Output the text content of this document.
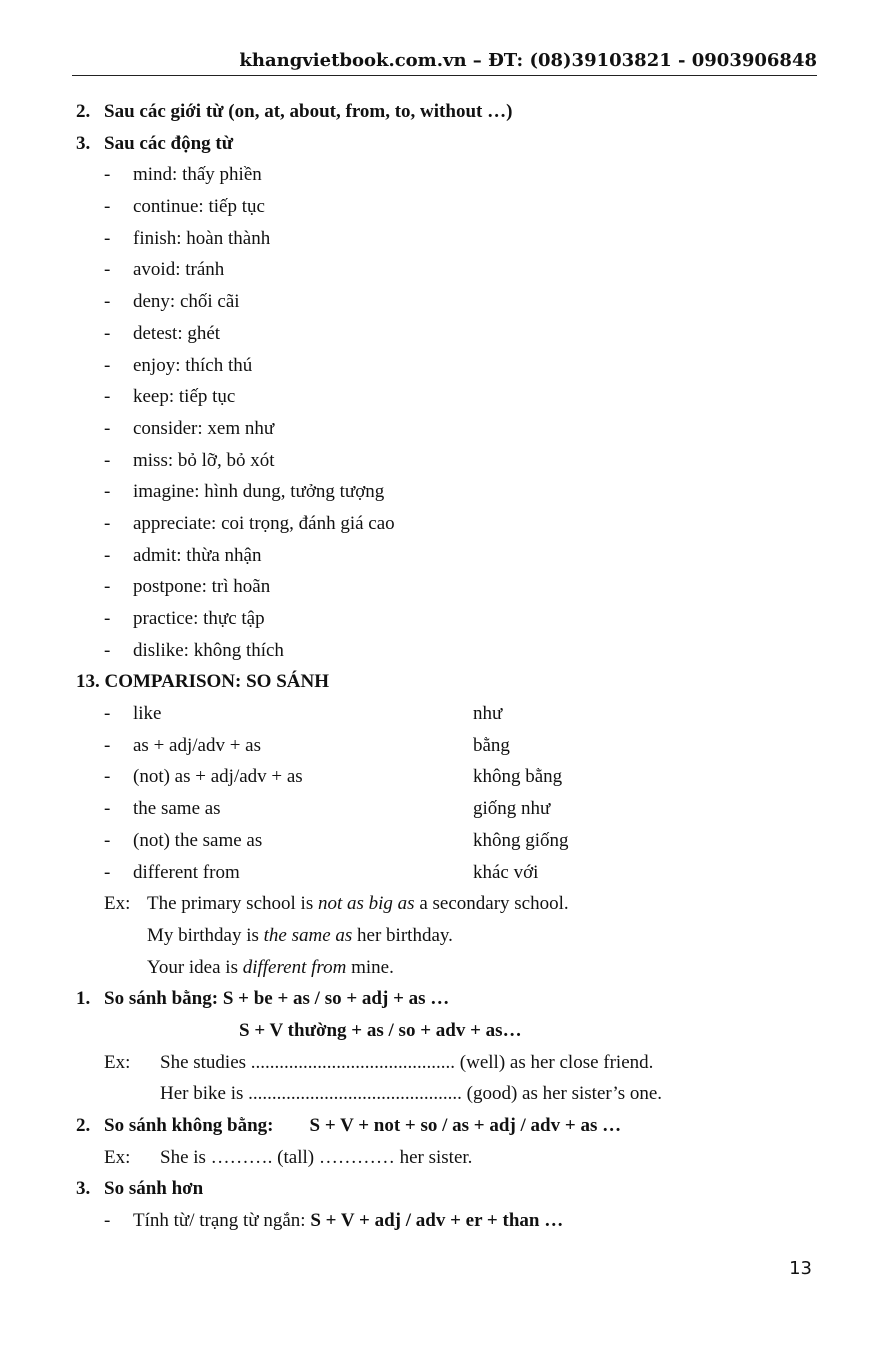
khangvietbook.com.vn – ĐT: (08)39103821 - 0903906848
2. Sau các giới từ (on, at, about, from, to, without …)
3. Sau các động từ
- mind: thấy phiền
- continue: tiếp tục
- finish: hoàn thành
- avoid: tránh
- deny: chối cãi
- detest: ghét
- enjoy: thích thú
- keep: tiếp tục
- consider: xem như
- miss: bỏ lỡ, bỏ xót
- imagine: hình dung, tưởng tượng
- appreciate: coi trọng, đánh giá cao
- admit: thừa nhận
- postpone: trì hoãn
- practice: thực tập
- dislike: không thích
13. COMPARISON: SO SÁNH
- like	như
- as + adj/adv + as	bằng
- (not) as + adj/adv + as	không bằng
- the same as	giống như
- (not) the same as	không giống
- different from	khác với
Ex: The primary school is not as big as a secondary school.
My birthday is the same as her birthday.
Your idea is different from mine.
1. So sánh bằng: S + be + as / so + adj + as …
S + V thường + as / so + adv + as…
Ex: She studies ........................................... (well) as her close friend.
Her bike is ............................................. (good) as her sister’s one.
2. So sánh không bằng: S + V + not + so / as + adj / adv + as …
Ex: She is ………. (tall) ………… her sister.
3. So sánh hơn
- Tính từ/ trạng từ ngắn: S + V + adj / adv + er + than …
13
